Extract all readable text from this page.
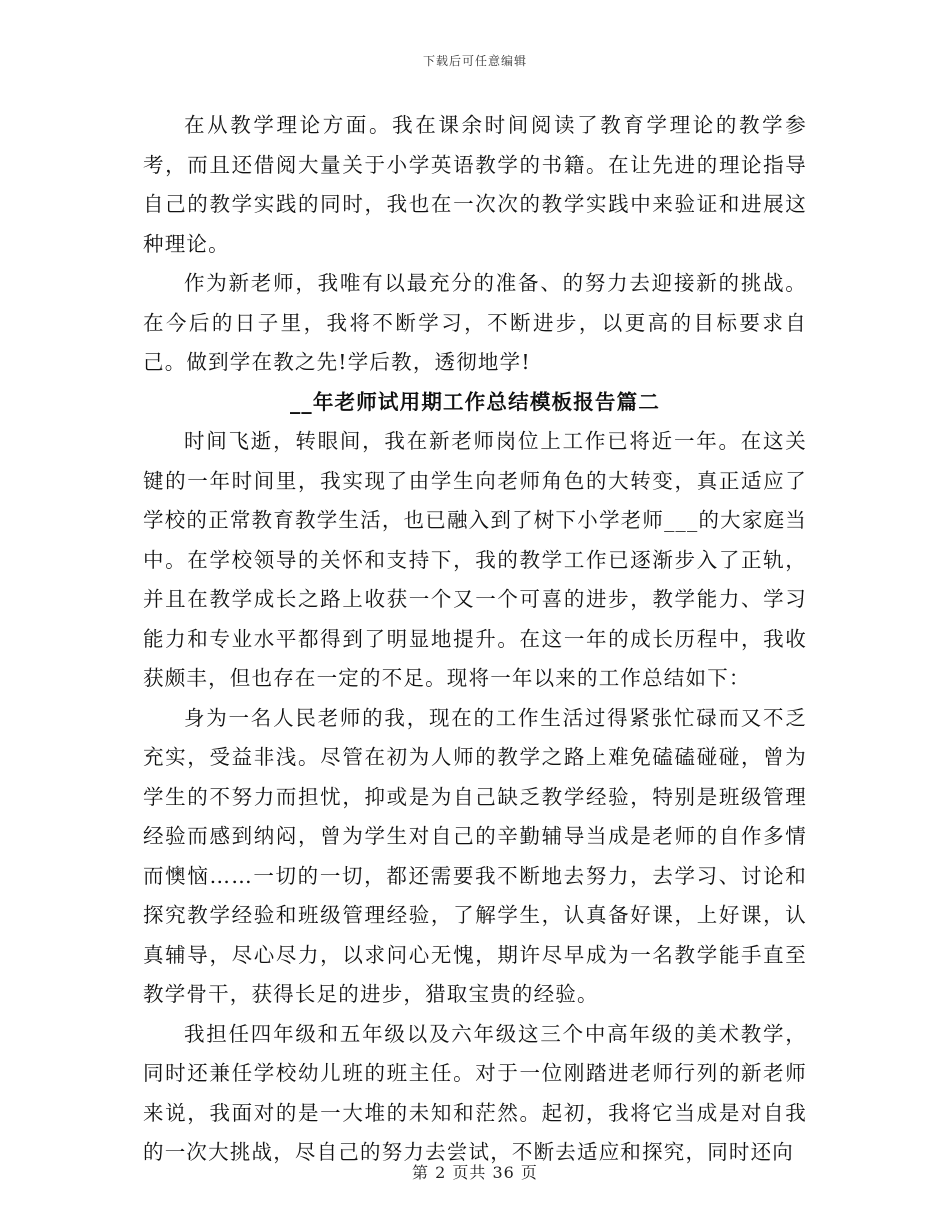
下载后可任意编辑

在从教学理论方面。我在课余时间阅读了教育学理论的教学参考，而且还借阅大量关于小学英语教学的书籍。在让先进的理论指导自己的教学实践的同时，我也在一次次的教学实践中来验证和进展这种理论。

作为新老师，我唯有以最充分的准备、的努力去迎接新的挑战。在今后的日子里，我将不断学习，不断进步，以更高的目标要求自己。做到学在教之先!学后教，透彻地学!

__年老师试用期工作总结模板报告篇二

时间飞逝，转眼间，我在新老师岗位上工作已将近一年。在这关键的一年时间里，我实现了由学生向老师角色的大转变，真正适应了学校的正常教育教学生活，也已融入到了树下小学老师___的大家庭当中。在学校领导的关怀和支持下，我的教学工作已逐渐步入了正轨，并且在教学成长之路上收获一个又一个可喜的进步，教学能力、学习能力和专业水平都得到了明显地提升。在这一年的成长历程中，我收获颇丰，但也存在一定的不足。现将一年以来的工作总结如下：

身为一名人民老师的我，现在的工作生活过得紧张忙碌而又不乏充实，受益非浅。尽管在初为人师的教学之路上难免磕磕碰碰，曾为学生的不努力而担忧，抑或是为自己缺乏教学经验，特别是班级管理经验而感到纳闷，曾为学生对自己的辛勤辅导当成是老师的自作多情而懊恼……一切的一切，都还需要我不断地去努力，去学习、讨论和探究教学经验和班级管理经验，了解学生，认真备好课，上好课，认真辅导，尽心尽力，以求问心无愧，期许尽早成为一名教学能手直至教学骨干，获得长足的进步，猎取宝贵的经验。

我担任四年级和五年级以及六年级这三个中高年级的美术教学，同时还兼任学校幼儿班的班主任。对于一位刚踏进老师行列的新老师来说，我面对的是一大堆的未知和茫然。起初，我将它当成是对自我的一次大挑战，尽自己的努力去尝试，不断去适应和探究，同时还向

第 2 页共 36 页
